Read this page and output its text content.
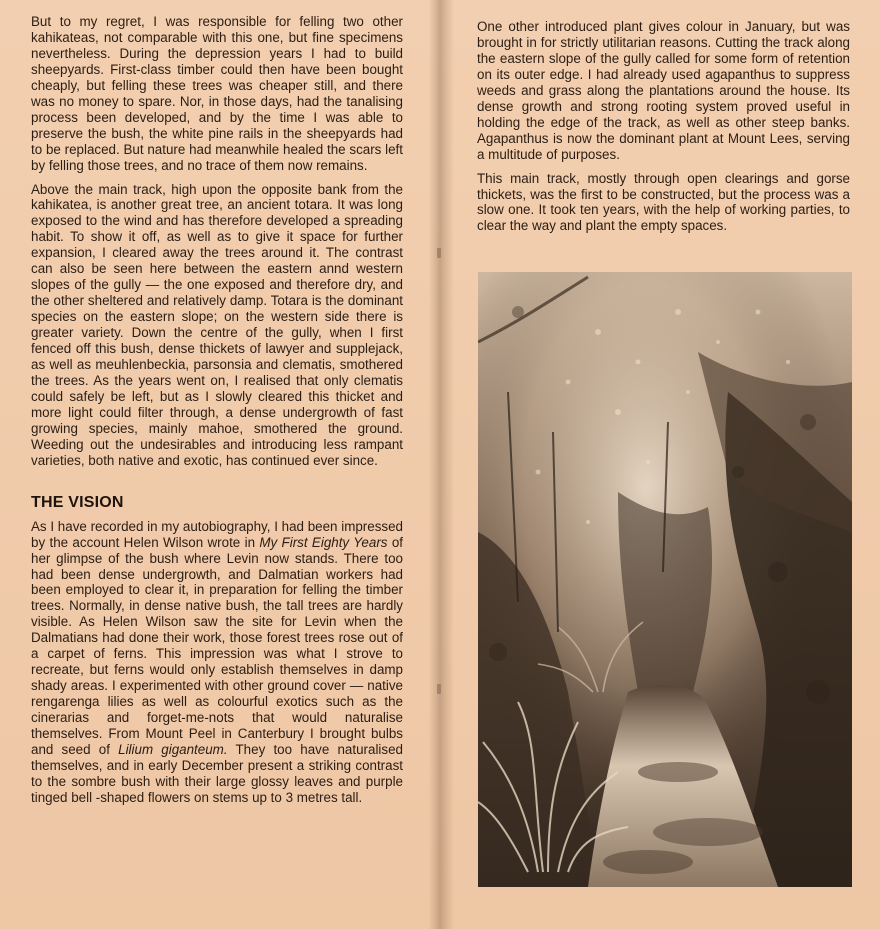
But to my regret, I was responsible for felling two other kahikateas, not comparable with this one, but fine specimens nevertheless. During the depression years I had to build sheepyards. First-class timber could then have been bought cheaply, but felling these trees was cheaper still, and there was no money to spare. Nor, in those days, had the tanalising process been developed, and by the time I was able to preserve the bush, the white pine rails in the sheepyards had to be replaced. But nature had meanwhile healed the scars left by felling those trees, and no trace of them now remains.

Above the main track, high upon the opposite bank from the kahikatea, is another great tree, an ancient totara. It was long exposed to the wind and has therefore developed a spreading habit. To show it off, as well as to give it space for further expansion, I cleared away the trees around it. The contrast can also be seen here between the eastern annd western slopes of the gully — the one exposed and therefore dry, and the other sheltered and relatively damp. Totara is the dominant species on the eastern slope; on the western side there is greater variety. Down the centre of the gully, when I first fenced off this bush, dense thickets of lawyer and supplejack, as well as meuhlenbeckia, parsonsia and clematis, smothered the trees. As the years went on, I realised that only clematis could safely be left, but as I slowly cleared this thicket and more light could filter through, a dense undergrowth of fast growing species, mainly mahoe, smothered the ground. Weeding out the undesirables and introducing less rampant varieties, both native and exotic, has continued ever since.

THE VISION

As I have recorded in my autobiography, I had been impressed by the account Helen Wilson wrote in My First Eighty Years of her glimpse of the bush where Levin now stands. There too had been dense undergrowth, and Dalmatian workers had been employed to clear it, in preparation for felling the timber trees. Normally, in dense native bush, the tall trees are hardly visible. As Helen Wilson saw the site for Levin when the Dalmatians had done their work, those forest trees rose out of a carpet of ferns. This impression was what I strove to recreate, but ferns would only establish themselves in damp shady areas. I experimented with other ground cover — native rengarenga lilies as well as colourful exotics such as the cinerarias and forget-me-nots that would naturalise themselves. From Mount Peel in Canterbury I brought bulbs and seed of Lilium giganteum. They too have naturalised themselves, and in early December present a striking contrast to the sombre bush with their large glossy leaves and purple tinged bell -shaped flowers on stems up to 3 metres tall.

One other introduced plant gives colour in January, but was brought in for strictly utilitarian reasons. Cutting the track along the eastern slope of the gully called for some form of retention on its outer edge. I had already used agapanthus to suppress weeds and grass along the plantations around the house. Its dense growth and strong rooting system proved useful in holding the edge of the track, as well as other steep banks. Agapanthus is now the dominant plant at Mount Lees, serving a multitude of purposes.

This main track, mostly through open clearings and gorse thickets, was the first to be constructed, but the process was a slow one. It took ten years, with the help of working parties, to clear the way and plant the empty spaces.
